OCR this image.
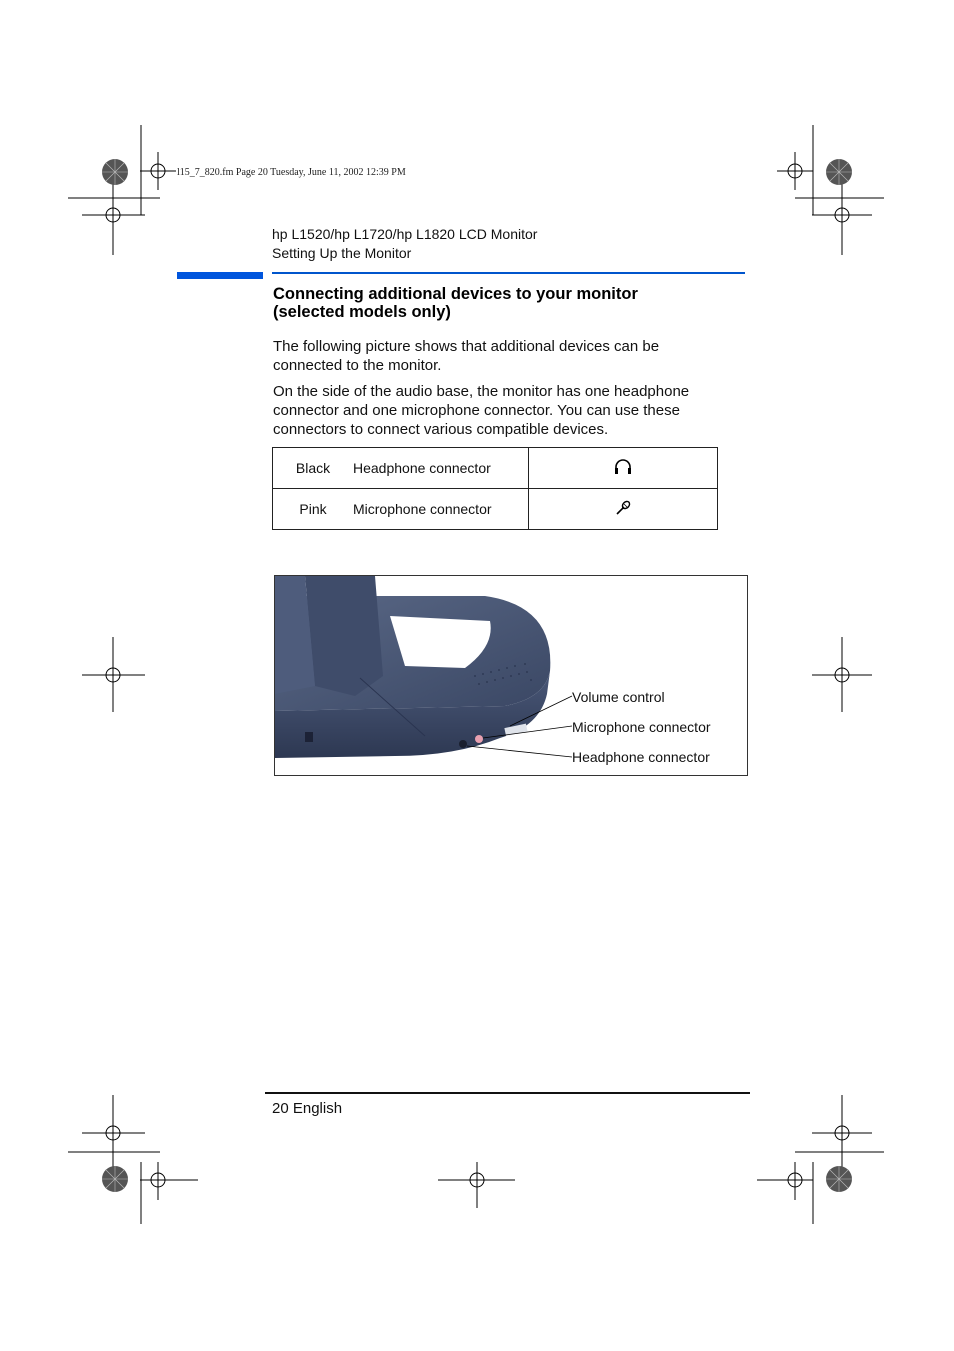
l15_7_820.fm Page 20 Tuesday, June 11, 2002 12:39 PM
hp L1520/hp L1720/hp L1820 LCD Monitor
Setting Up the Monitor
Connecting additional devices to your monitor
(selected models only)
The following picture shows that additional devices can be connected to the monitor.
On the side of the audio base, the monitor has one headphone connector and one microphone connector. You can use these connectors to connect various compatible devices.
Black Headphone connector	
Pink Microphone connector	
Volume control
Microphone connector
Headphone connector
20 English
